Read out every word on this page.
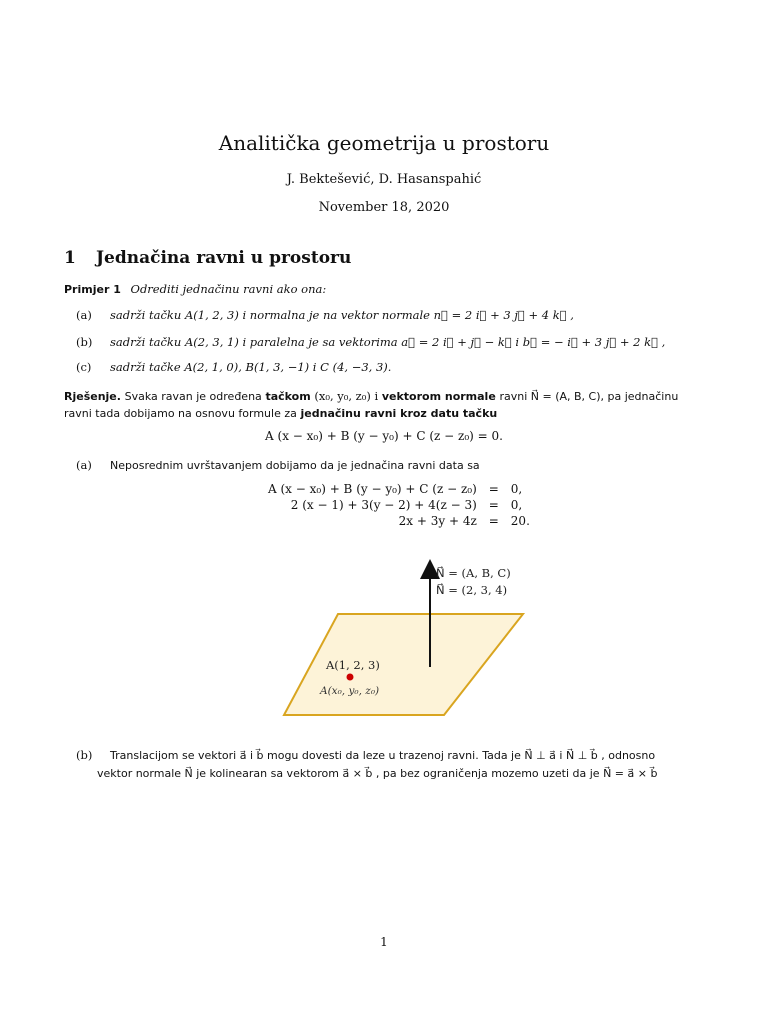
Analitička geometrija u prostoru
J. Bektešević, D. Hasanspahić
November 18, 2020
1 Jednačina ravni u prostoru
Primjer 1 Odrediti jednačinu ravni ako ona:
(a) sadrži tačku A(1, 2, 3) i normalna je na vektor normale n⃗ = 2 i⃗ + 3 j⃗ + 4 k⃗ ,
(b) sadrži tačku A(2, 3, 1) i paralelna je sa vektorima a⃗ = 2 i⃗ + j⃗ − k⃗ i b⃗ = − i⃗ + 3 j⃗ + 2 k⃗ ,
(c) sadrži tačke A(2, 1, 0), B(1, 3, −1) i C (4, −3, 3).
Rješenje. Svaka ravan je određena tačkom (x₀, y₀, z₀) i vektorom normale ravni N⃗ = (A, B, C), pa jednačinu
ravni tada dobijamo na osnovu formule za jednačinu ravni kroz datu tačku
A (x − x₀) + B (y − y₀) + C (z − z₀) = 0.
(a) Neposrednim uvrštavanjem dobijamo da je jednačina ravni data sa
A (x − x₀) + B (y − y₀) + C (z − z₀)	=	0,
2 (x − 1) + 3(y − 2) + 4(z − 3)	=	0,
2x + 3y + 4z	=	20.
N⃗ = (A, B, C)
N⃗ = (2, 3, 4)
A(1, 2, 3)
A(x₀, y₀, z₀)
(b) Translacijom se vektori a⃗ i b⃗ mogu dovesti da leze u trazenoj ravni. Tada je N⃗ ⊥ a⃗ i N⃗ ⊥ b⃗ , odnosno
vektor normale N⃗ je kolinearan sa vektorom a⃗ × b⃗ , pa bez ograničenja mozemo uzeti da je N⃗ = a⃗ × b⃗
1
